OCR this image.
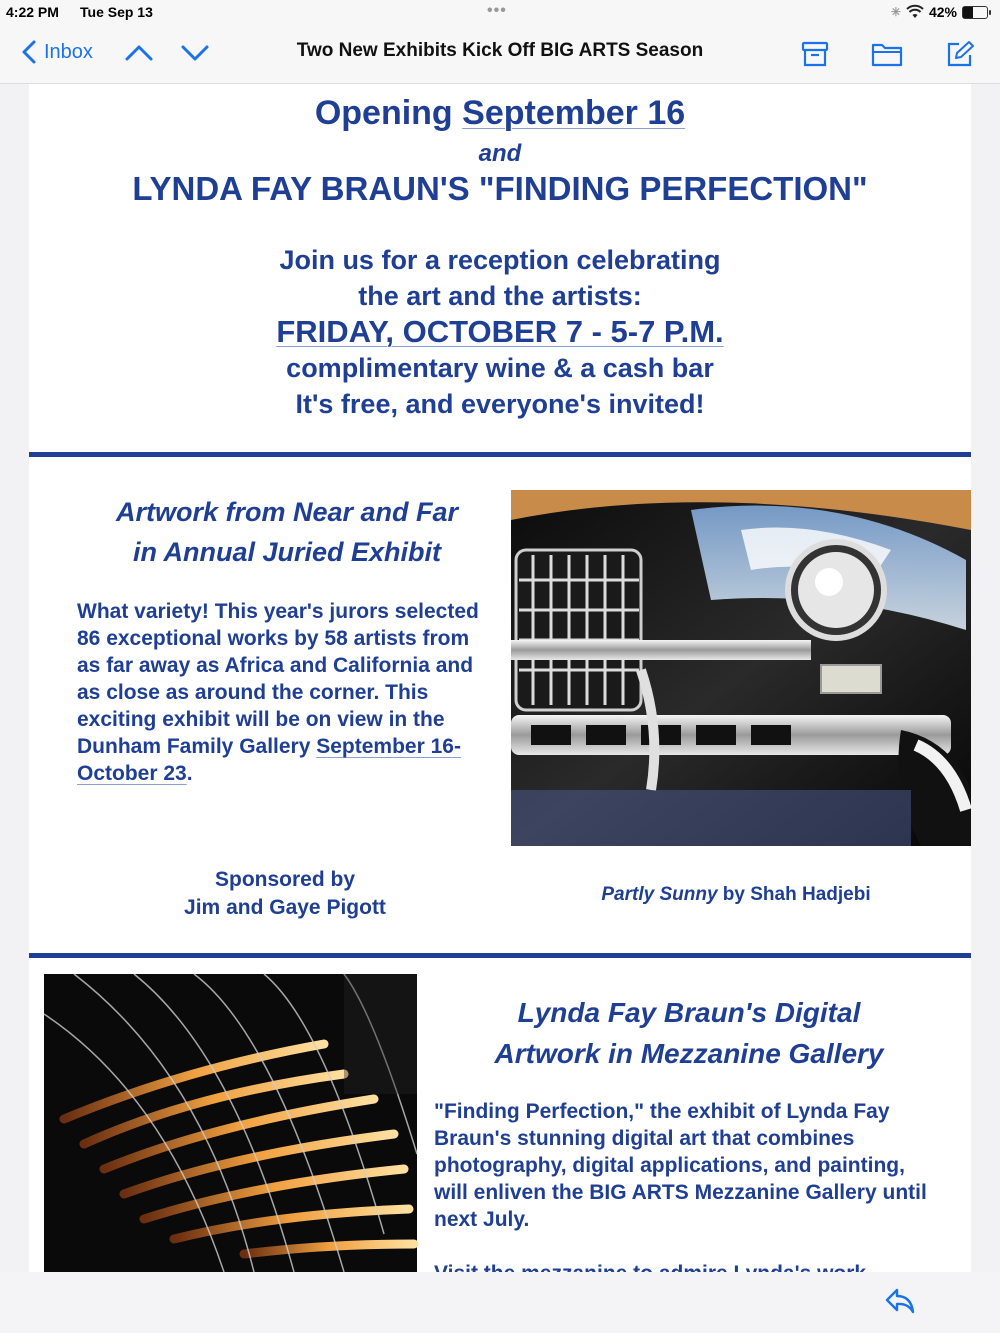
4:22 PM Tue Sep 13	•••	✳ 42%
Inbox	Two New Exhibits Kick Off BIG ARTS Season
Opening September 16
and
LYNDA FAY BRAUN'S "FINDING PERFECTION"
Join us for a reception celebrating
the art and the artists:
FRIDAY, OCTOBER 7 - 5-7 P.M.
complimentary wine & a cash bar
It's free, and everyone's invited!
Artwork from Near and Far
in Annual Juried Exhibit
What variety! This year's jurors selected 86 exceptional works by 58 artists from as far away as Africa and California and as close as around the corner. This exciting exhibit will be on view in the Dunham Family Gallery September 16-October 23.
Sponsored by
Jim and Gaye Pigott
Partly Sunny by Shah Hadjebi
Lynda Fay Braun's Digital
Artwork in Mezzanine Gallery
"Finding Perfection," the exhibit of Lynda Fay Braun's stunning digital art that combines photography, digital applications, and painting, will enliven the BIG ARTS Mezzanine Gallery until next July.
